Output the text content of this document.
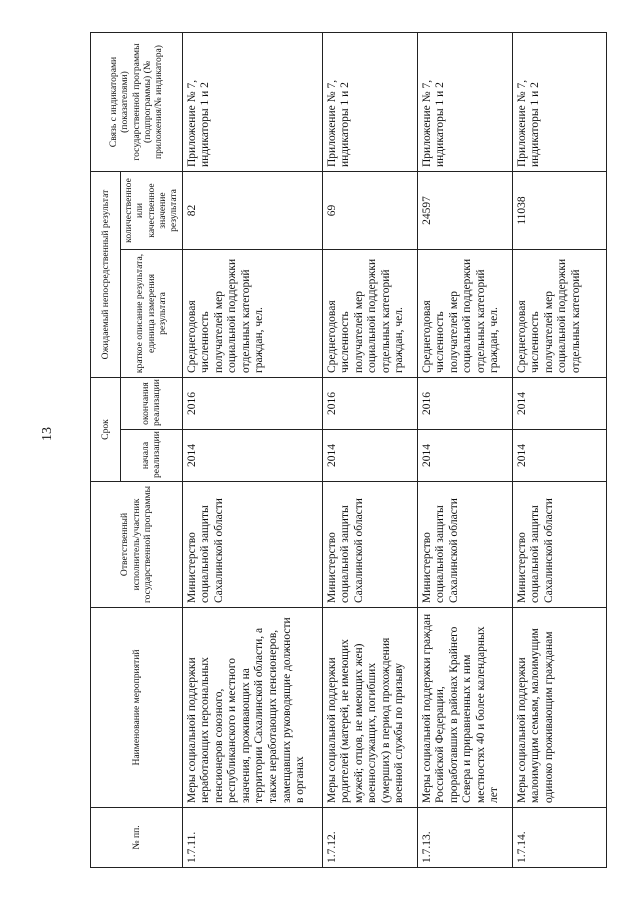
13
№ пп.	Наименование мероприятий	Ответственный исполнитель/участник государственной программы	Срок		Ожидаемый непосредственный результат		Связь с индикаторами (показателями) государственной программы (подпрограммы) (№ приложения/№ индикатора)
			начала реализации	окончания реализации	краткое описание результата, единица измерения результата	количественное или качественное значение результата	
1.7.11.	Меры социальной поддержки неработающих персональных пенсионеров союзного, республиканского и местного значения, проживающих на территории Сахалинской области, а также неработающих пенсионеров, замещавших руководящие должности в органах	Министерство социальной защиты Сахалинской области	2014	2016	Среднегодовая численность получателей мер социальной поддержки отдельных категорий граждан, чел.	82	Приложение № 7, индикаторы 1 и 2
1.7.12.	Меры социальной поддержки родителей (матерей, не имеющих мужей; отцов, не имеющих жен) военнослужащих, погибших (умерших) в период прохождения военной службы по призыву	Министерство социальной защиты Сахалинской области	2014	2016	Среднегодовая численность получателей мер социальной поддержки отдельных категорий граждан, чел.	69	Приложение № 7, индикаторы 1 и 2
1.7.13.	Меры социальной поддержки граждан Российской Федерации, проработавших в районах Крайнего Севера и приравненных к ним местностях 40 и более календарных лет	Министерство социальной защиты Сахалинской области	2014	2016	Среднегодовая численность получателей мер социальной поддержки отдельных категорий граждан, чел.	24597	Приложение № 7, индикаторы 1 и 2
1.7.14.	Меры социальной поддержки малоимущим семьям, малоимущим одиноко проживающим гражданам	Министерство социальной защиты Сахалинской области	2014	2014	Среднегодовая численность получателей мер социальной поддержки отдельных категорий	11038	Приложение № 7, индикаторы 1 и 2
